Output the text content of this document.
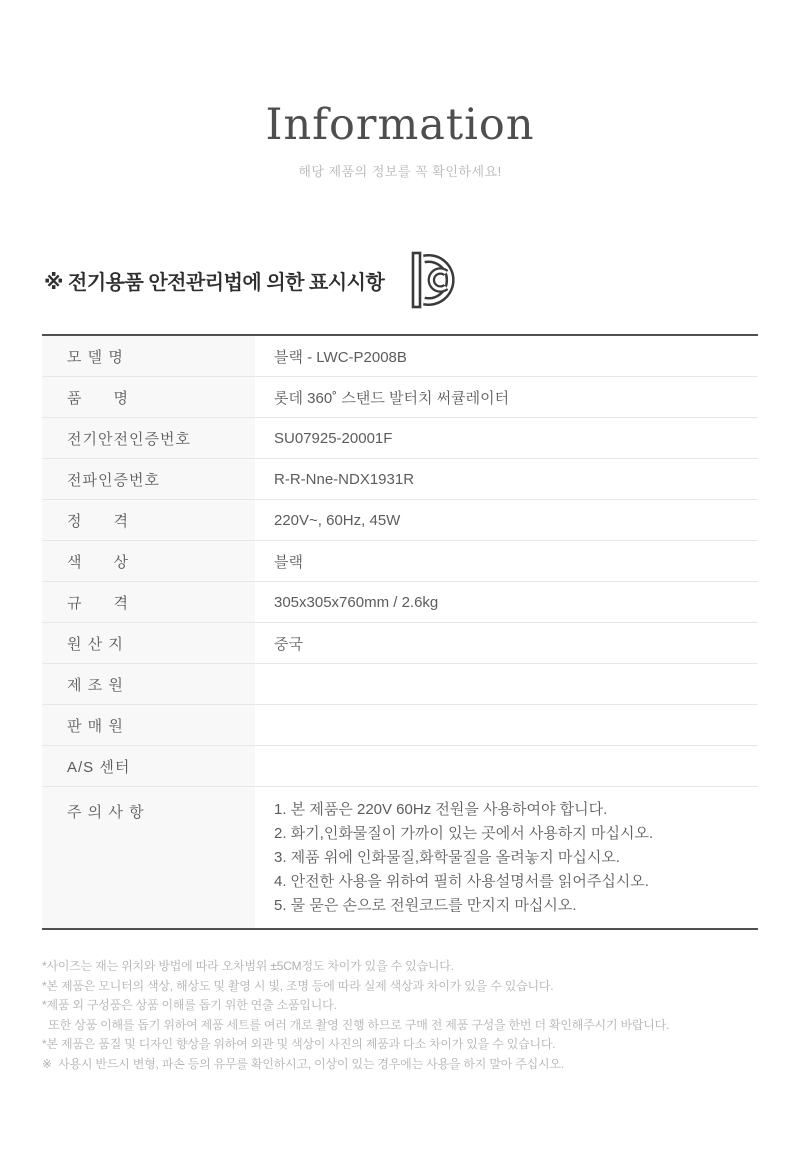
Information
해당 제품의 정보를 꼭 확인하세요!
※ 전기용품 안전관리법에 의한 표시시항
모 델 명	블랙 - LWC-P2008B
품      명	롯데 360˚ 스탠드 발터치 써큘레이터
전기안전인증번호	SU07925-20001F
전파인증번호	R-R-Nne-NDX1931R
정      격	220V~, 60Hz, 45W
색      상	블랙
규      격	305x305x760mm / 2.6kg
원 산 지	중국
제 조 원
판 매 원
A/S 센터
주 의 사 항	1. 본 제품은 220V 60Hz 전원을 사용하여야 합니다.
2. 화기,인화물질이 가까이 있는 곳에서 사용하지 마십시오.
3. 제품 위에 인화물질,화학물질을 올려놓지 마십시오.
4. 안전한 사용을 위하여 필히 사용설명서를 읽어주십시오.
5. 물 묻은 손으로 전원코드를 만지지 마십시오.
*사이즈는 재는 위치와 방법에 따라 오차범위 ±5CM정도 차이가 있을 수 있습니다.
*본 제품은 모니터의 색상, 해상도 및 촬영 시 빛, 조명 등에 따라 실제 색상과 차이가 있을 수 있습니다.
*제품 외 구성품은 상품 이해를 돕기 위한 연출 소품입니다.
또한 상품 이해를 돕기 위하여 제품 세트를 여러 개로 촬영 진행 하므로 구매 전 제품 구성을 한번 더 확인해주시기 바랍니다.
*본 제품은 품질 및 디자인 향상을 위하여 외관 및 색상이 사진의 제품과 다소 차이가 있을 수 있습니다.
※  사용시 반드시 변형, 파손 등의 유무를 확인하시고, 이상이 있는 경우에는 사용을 하지 말아 주십시오.
